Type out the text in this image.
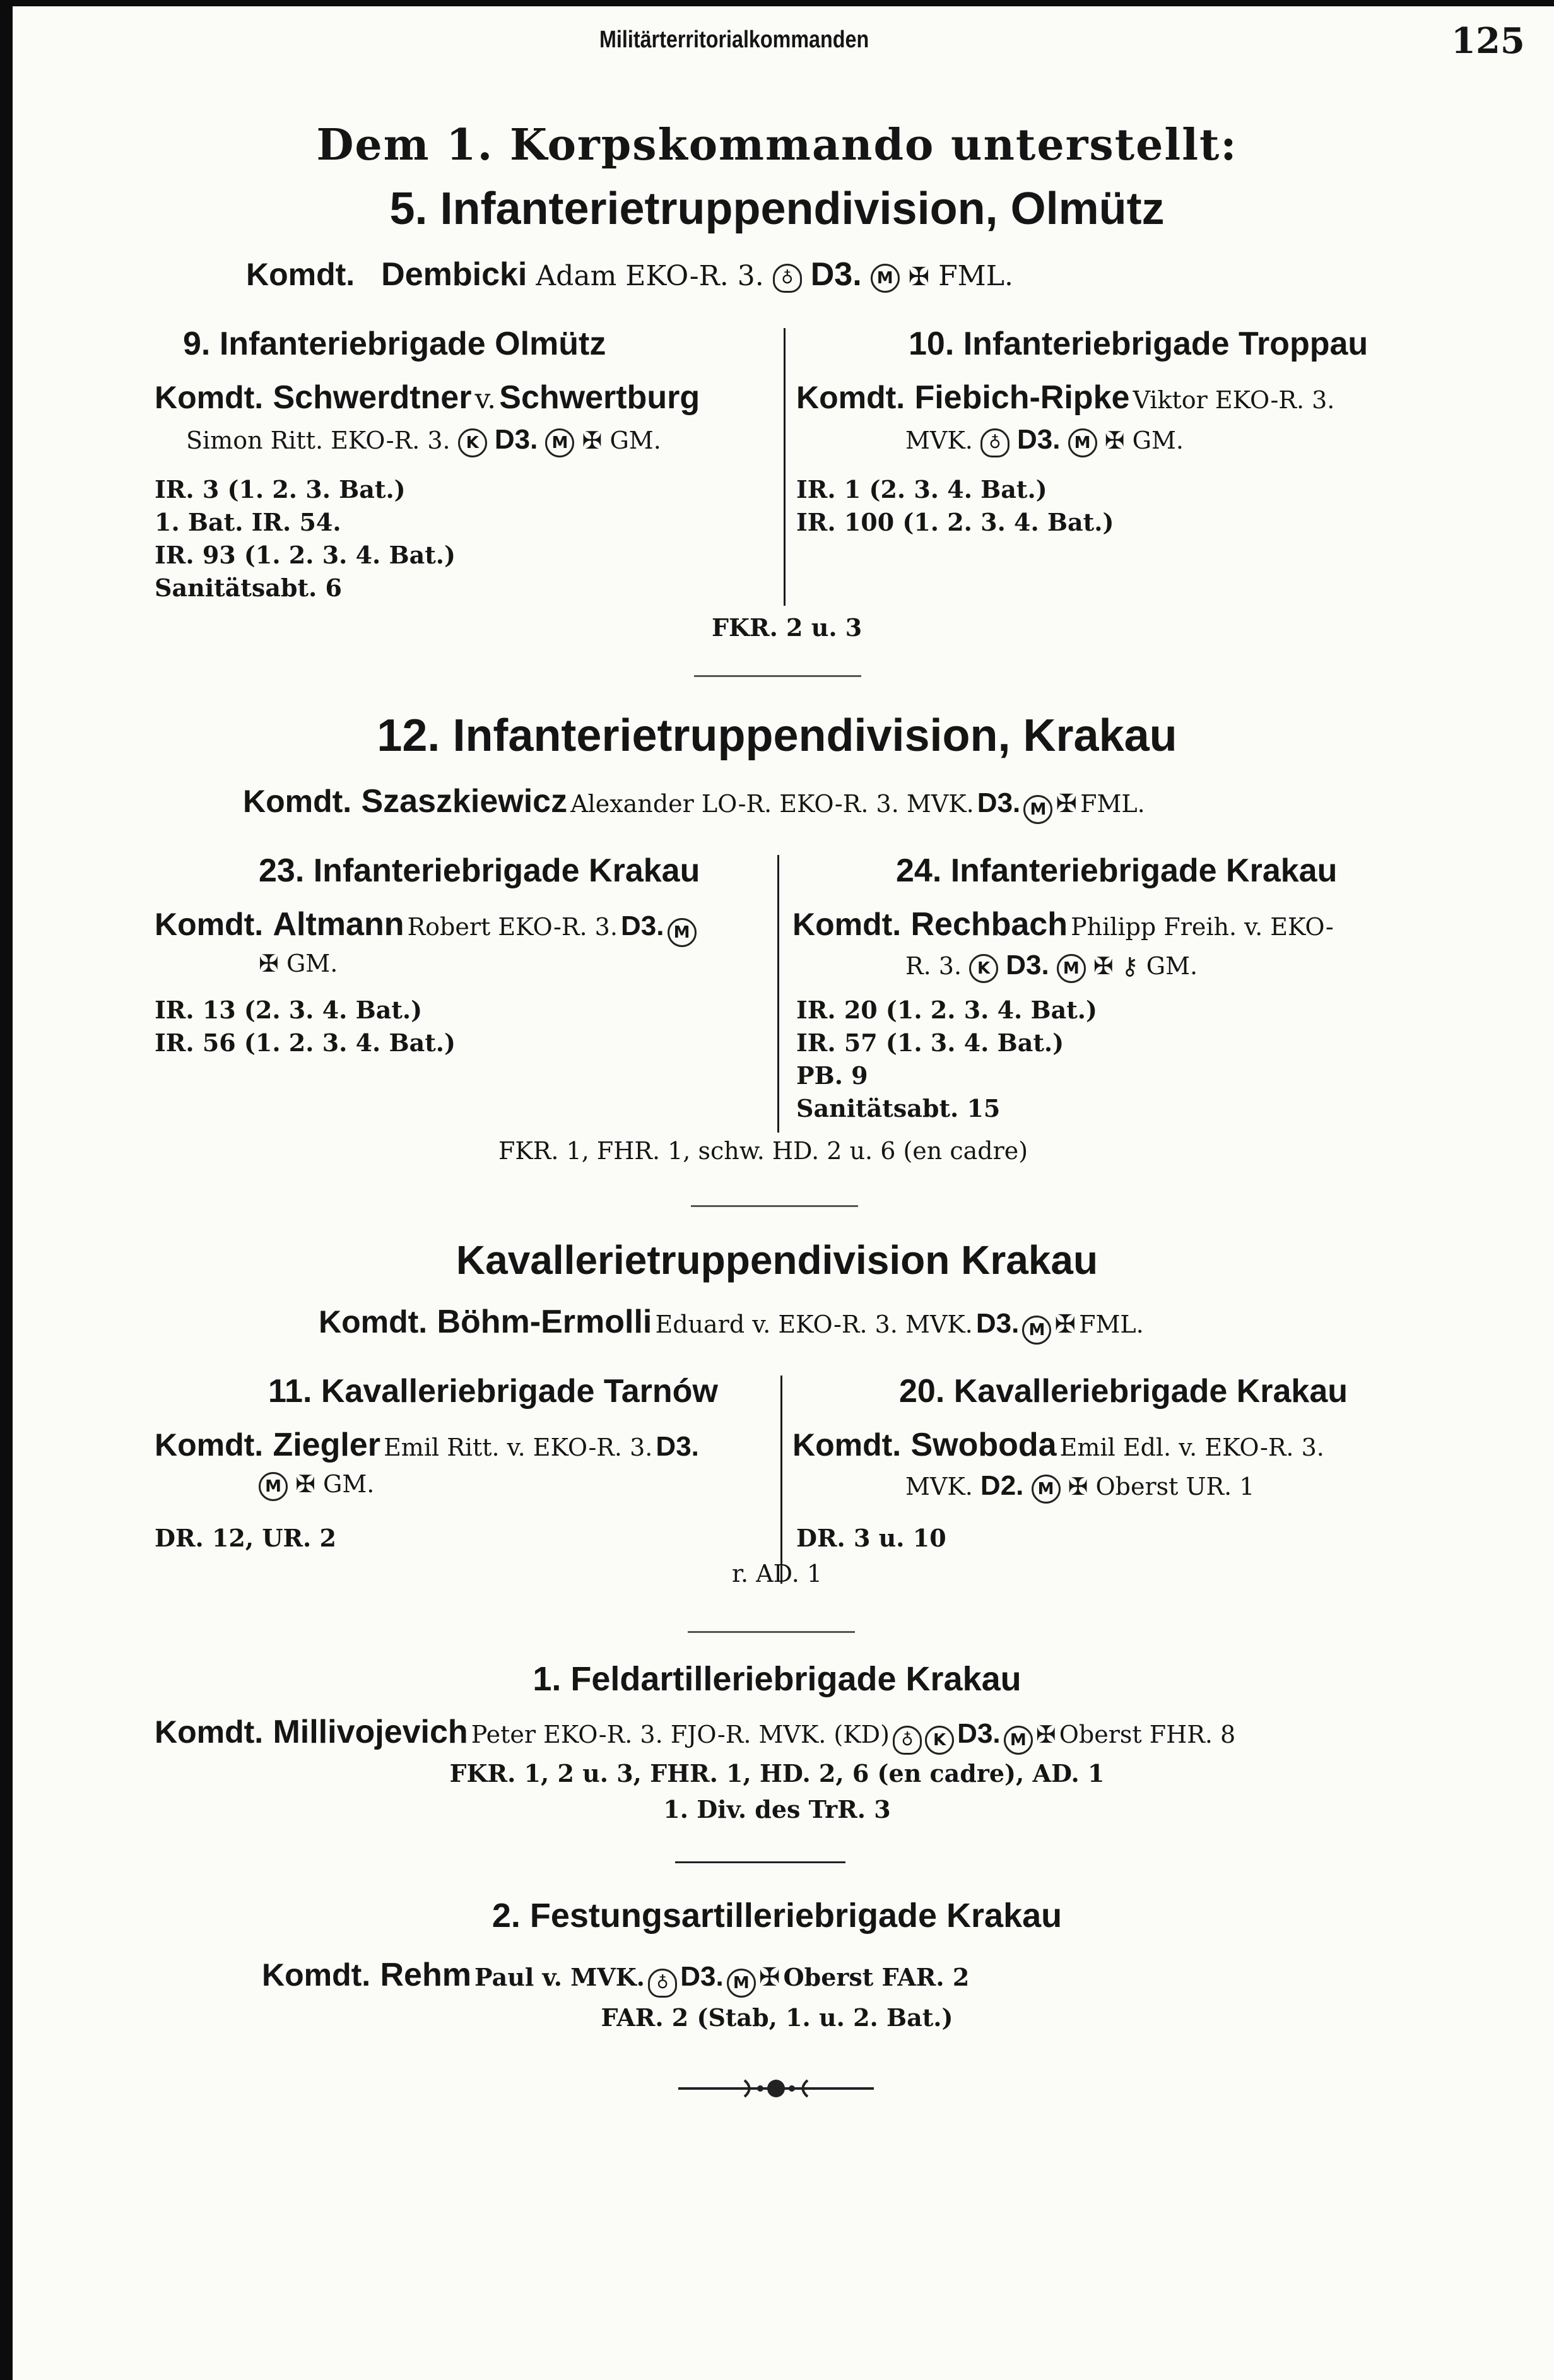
Militärterritorialkommanden	125
Dem 1. Korpskommando unterstellt:
5. Infanterietruppendivision, Olmütz
Komdt. Dembicki Adam EKO-R. 3. ♁ D3. M ✠ FML.
9. Infanteriebrigade Olmütz
Komdt. Schwerdtner v. Schwertburg
Simon Ritt. EKO-R. 3. K D3. M ✠ GM.
IR. 3 (1. 2. 3. Bat.)
1. Bat. IR. 54.
IR. 93 (1. 2. 3. 4. Bat.)
Sanitätsabt. 6
10. Infanteriebrigade Troppau
Komdt. Fiebich-Ripke Viktor EKO-R. 3.
MVK. ♁ D3. M ✠ GM.
IR. 1 (2. 3. 4. Bat.)
IR. 100 (1. 2. 3. 4. Bat.)
FKR. 2 u. 3
12. Infanterietruppendivision, Krakau
Komdt. Szaszkiewicz Alexander LO-R. EKO-R. 3. MVK. D3. M ✠ FML.
23. Infanteriebrigade Krakau
Komdt. Altmann Robert EKO-R. 3. D3. M
✠ GM.
IR. 13 (2. 3. 4. Bat.)
IR. 56 (1. 2. 3. 4. Bat.)
24. Infanteriebrigade Krakau
Komdt. Rechbach Philipp Freih. v. EKO-
R. 3. K D3. M ✠ ⚷ GM.
IR. 20 (1. 2. 3. 4. Bat.)
IR. 57 (1. 3. 4. Bat.)
PB. 9
Sanitätsabt. 15
FKR. 1, FHR. 1, schw. HD. 2 u. 6 (en cadre)
Kavallerietruppendivision Krakau
Komdt. Böhm-Ermolli Eduard v. EKO-R. 3. MVK. D3. M ✠ FML.
11. Kavalleriebrigade Tarnów
Komdt. Ziegler Emil Ritt. v. EKO-R. 3. D3.
M ✠ GM.
DR. 12, UR. 2
20. Kavalleriebrigade Krakau
Komdt. Swoboda Emil Edl. v. EKO-R. 3.
MVK. D2. M ✠ Oberst UR. 1
DR. 3 u. 10
r. AD. 1
1. Feldartilleriebrigade Krakau
Komdt. Millivojevich Peter EKO-R. 3. FJO-R. MVK. (KD) ♁ K D3. M ✠ Oberst FHR. 8
FKR. 1, 2 u. 3, FHR. 1, HD. 2, 6 (en cadre), AD. 1
1. Div. des TrR. 3
2. Festungsartilleriebrigade Krakau
Komdt. Rehm Paul v. MVK. ♁ D3. M ✠ Oberst FAR. 2
FAR. 2 (Stab, 1. u. 2. Bat.)
